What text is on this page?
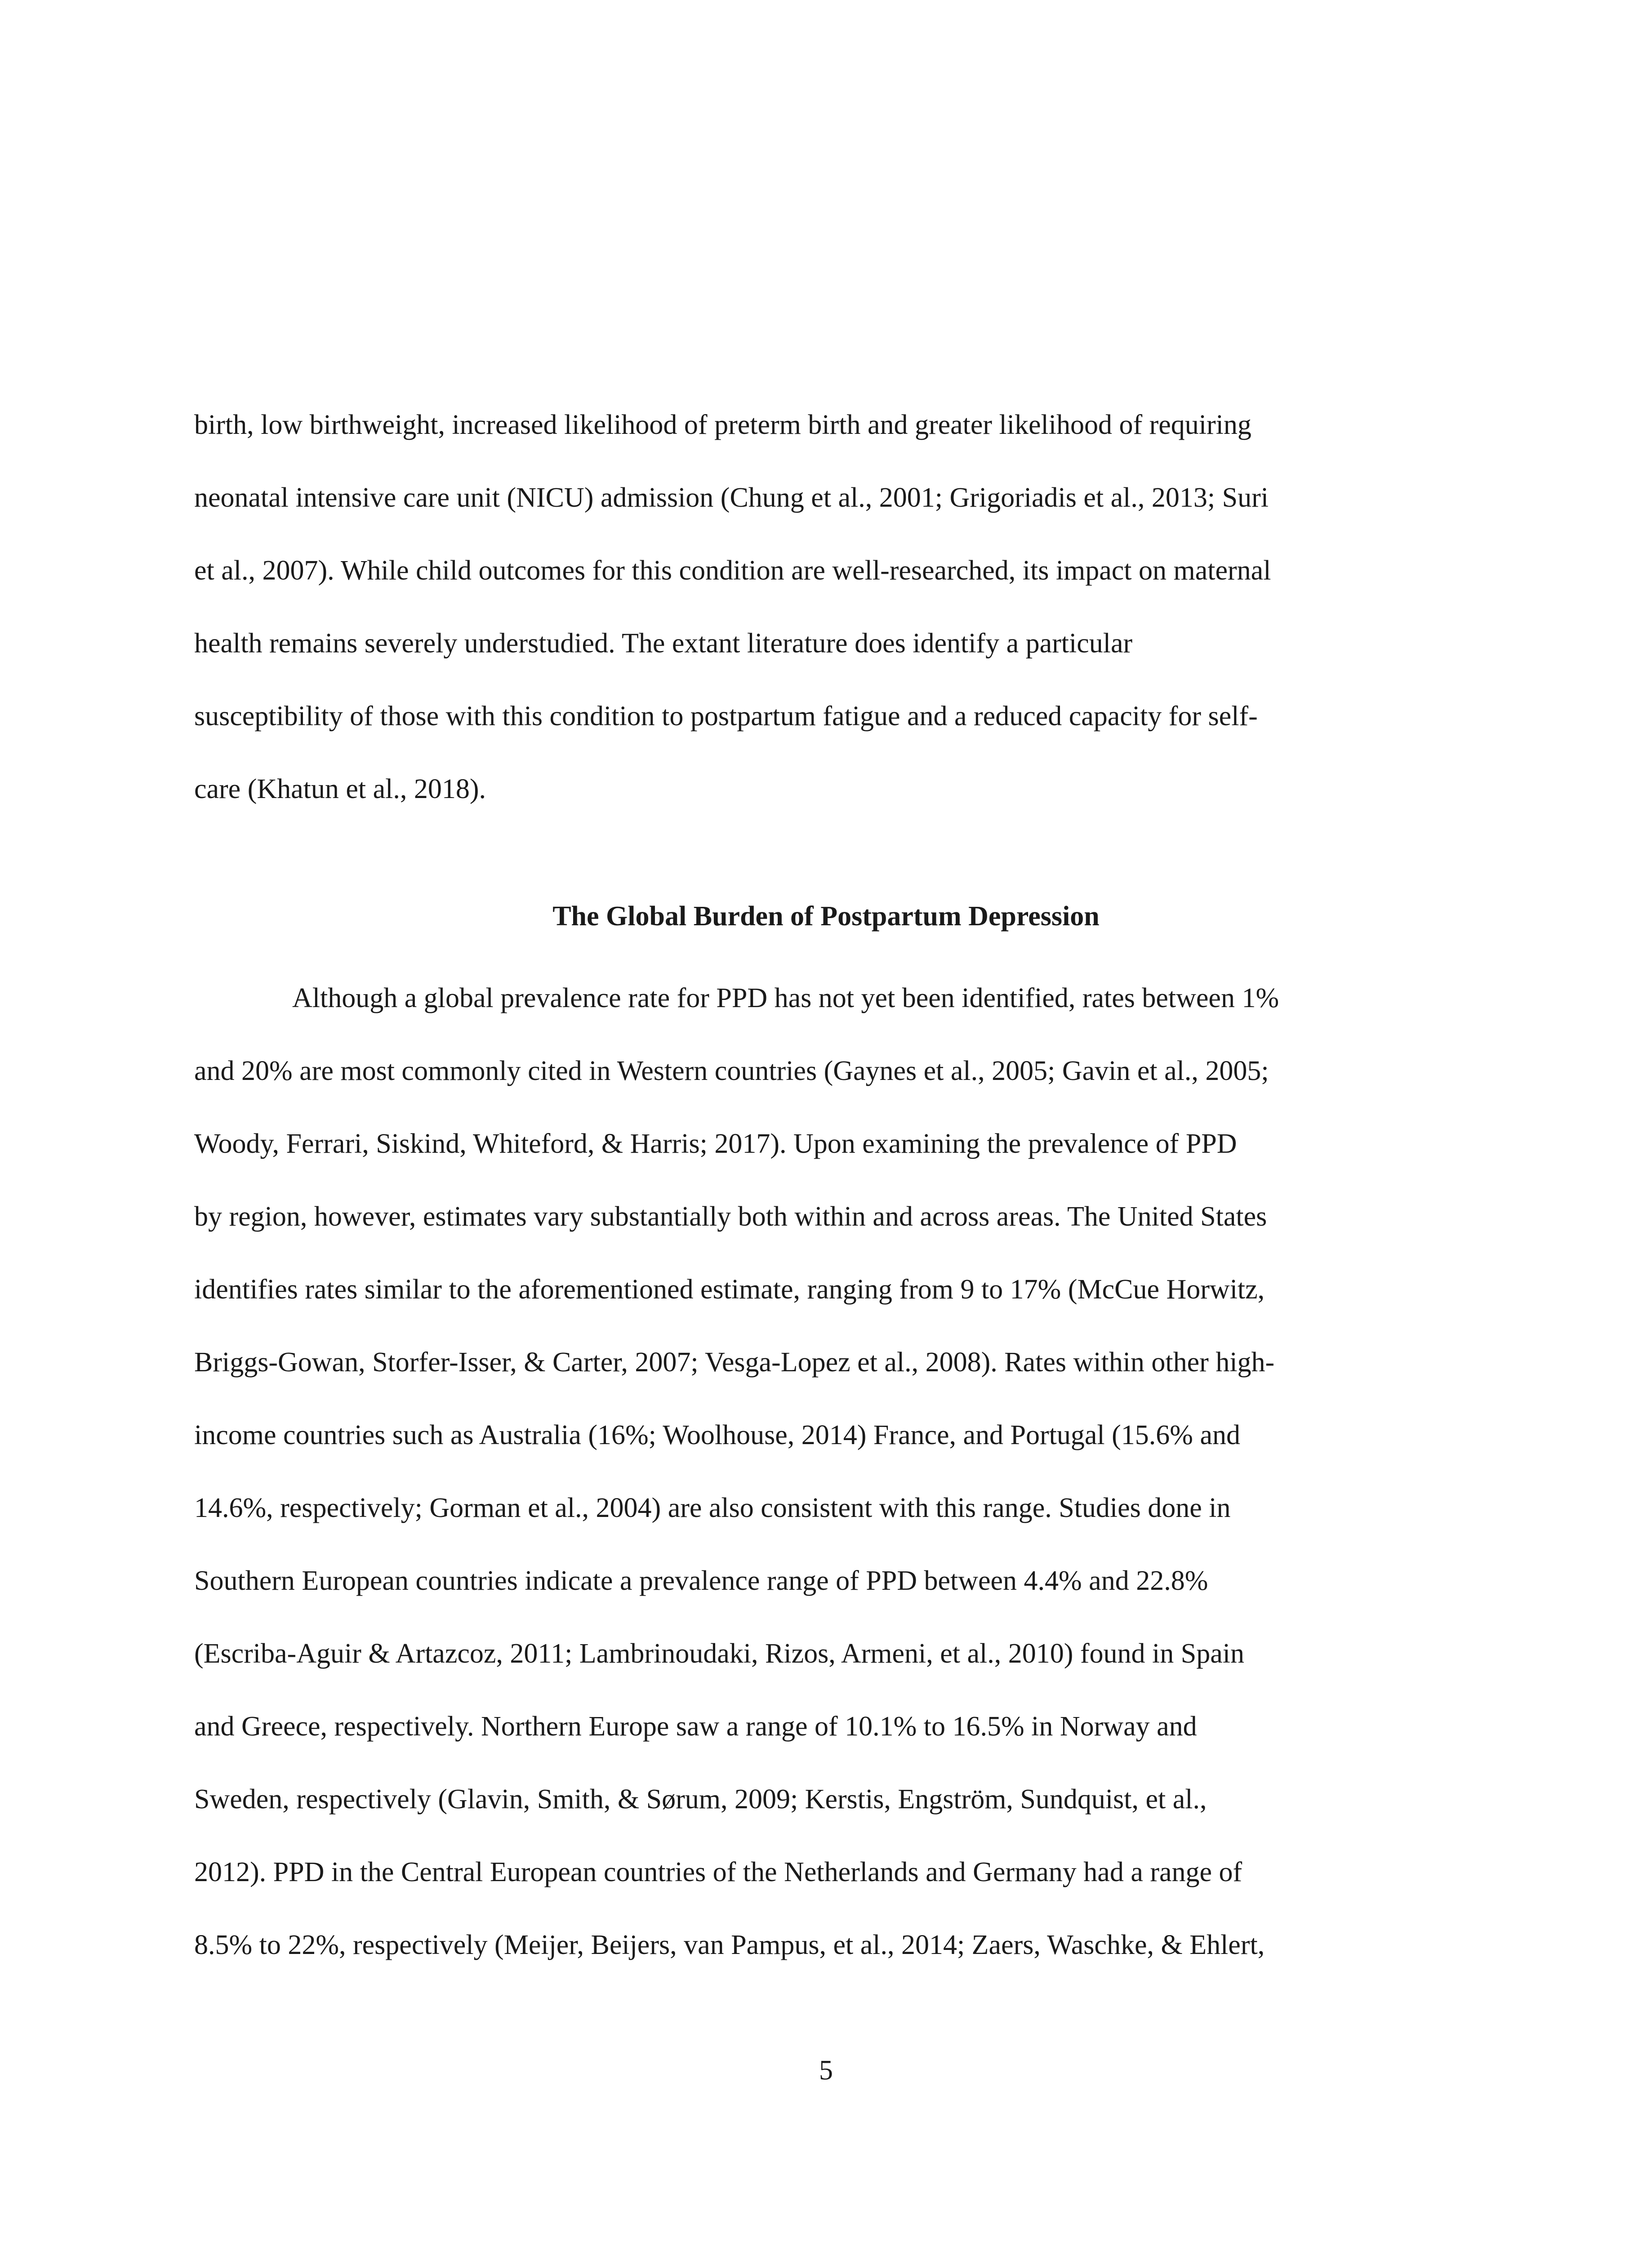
birth, low birthweight, increased likelihood of preterm birth and greater likelihood of requiring
neonatal intensive care unit (NICU) admission (Chung et al., 2001; Grigoriadis et al., 2013; Suri
et al., 2007). While child outcomes for this condition are well-researched, its impact on maternal
health remains severely understudied. The extant literature does identify a particular
susceptibility of those with this condition to postpartum fatigue and a reduced capacity for self-
care (Khatun et al., 2018).
The Global Burden of Postpartum Depression
Although a global prevalence rate for PPD has not yet been identified, rates between 1%
and 20% are most commonly cited in Western countries (Gaynes et al., 2005; Gavin et al., 2005;
Woody, Ferrari, Siskind, Whiteford, & Harris; 2017). Upon examining the prevalence of PPD
by region, however, estimates vary substantially both within and across areas. The United States
identifies rates similar to the aforementioned estimate, ranging from 9 to 17% (McCue Horwitz,
Briggs-Gowan, Storfer-Isser, & Carter, 2007; Vesga-Lopez et al., 2008). Rates within other high-
income countries such as Australia (16%; Woolhouse, 2014) France, and Portugal (15.6% and
14.6%, respectively; Gorman et al., 2004) are also consistent with this range. Studies done in
Southern European countries indicate a prevalence range of PPD between 4.4% and 22.8%
(Escriba-Aguir & Artazcoz, 2011; Lambrinoudaki, Rizos, Armeni, et al., 2010) found in Spain
and Greece, respectively. Northern Europe saw a range of 10.1% to 16.5% in Norway and
Sweden, respectively (Glavin, Smith, & Sørum, 2009; Kerstis, Engström, Sundquist, et al.,
2012). PPD in the Central European countries of the Netherlands and Germany had a range of
8.5% to 22%, respectively (Meijer, Beijers, van Pampus, et al., 2014; Zaers, Waschke, & Ehlert,
5
